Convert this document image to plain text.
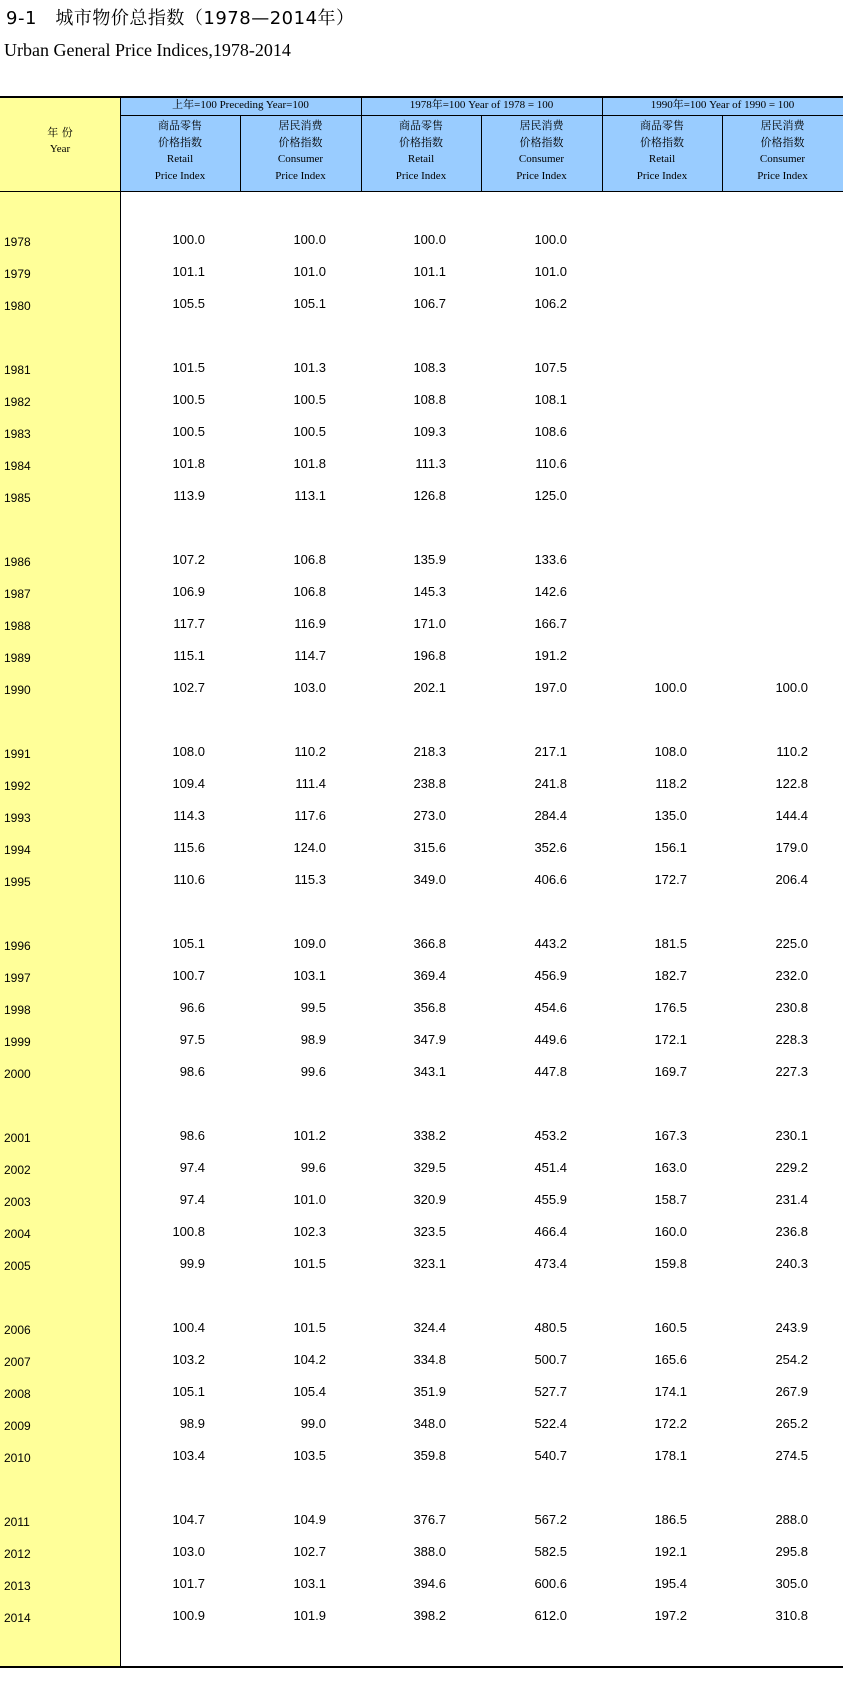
9-1　城市物价总指数（1978—2014年）
Urban General Price Indices,1978-2014
年 份
Year
上年=100 Preceding Year=100	1978年=100 Year of 1978 = 100	1990年=100 Year of 1990 = 100
商品零售
价格指数
Retail
Price Index
居民消费
价格指数
Consumer
Price Index
商品零售
价格指数
Retail
Price Index
居民消费
价格指数
Consumer
Price Index
商品零售
价格指数
Retail
Price Index
居民消费
价格指数
Consumer
Price Index
1978	100.0	100.0	100.0	100.0
1979	101.1	101.0	101.1	101.0
1980	105.5	105.1	106.7	106.2
1981	101.5	101.3	108.3	107.5
1982	100.5	100.5	108.8	108.1
1983	100.5	100.5	109.3	108.6
1984	101.8	101.8	111.3	110.6
1985	113.9	113.1	126.8	125.0
1986	107.2	106.8	135.9	133.6
1987	106.9	106.8	145.3	142.6
1988	117.7	116.9	171.0	166.7
1989	115.1	114.7	196.8	191.2
1990	102.7	103.0	202.1	197.0	100.0	100.0
1991	108.0	110.2	218.3	217.1	108.0	110.2
1992	109.4	111.4	238.8	241.8	118.2	122.8
1993	114.3	117.6	273.0	284.4	135.0	144.4
1994	115.6	124.0	315.6	352.6	156.1	179.0
1995	110.6	115.3	349.0	406.6	172.7	206.4
1996	105.1	109.0	366.8	443.2	181.5	225.0
1997	100.7	103.1	369.4	456.9	182.7	232.0
1998	96.6	99.5	356.8	454.6	176.5	230.8
1999	97.5	98.9	347.9	449.6	172.1	228.3
2000	98.6	99.6	343.1	447.8	169.7	227.3
2001	98.6	101.2	338.2	453.2	167.3	230.1
2002	97.4	99.6	329.5	451.4	163.0	229.2
2003	97.4	101.0	320.9	455.9	158.7	231.4
2004	100.8	102.3	323.5	466.4	160.0	236.8
2005	99.9	101.5	323.1	473.4	159.8	240.3
2006	100.4	101.5	324.4	480.5	160.5	243.9
2007	103.2	104.2	334.8	500.7	165.6	254.2
2008	105.1	105.4	351.9	527.7	174.1	267.9
2009	98.9	99.0	348.0	522.4	172.2	265.2
2010	103.4	103.5	359.8	540.7	178.1	274.5
2011	104.7	104.9	376.7	567.2	186.5	288.0
2012	103.0	102.7	388.0	582.5	192.1	295.8
2013	101.7	103.1	394.6	600.6	195.4	305.0
2014	100.9	101.9	398.2	612.0	197.2	310.8
